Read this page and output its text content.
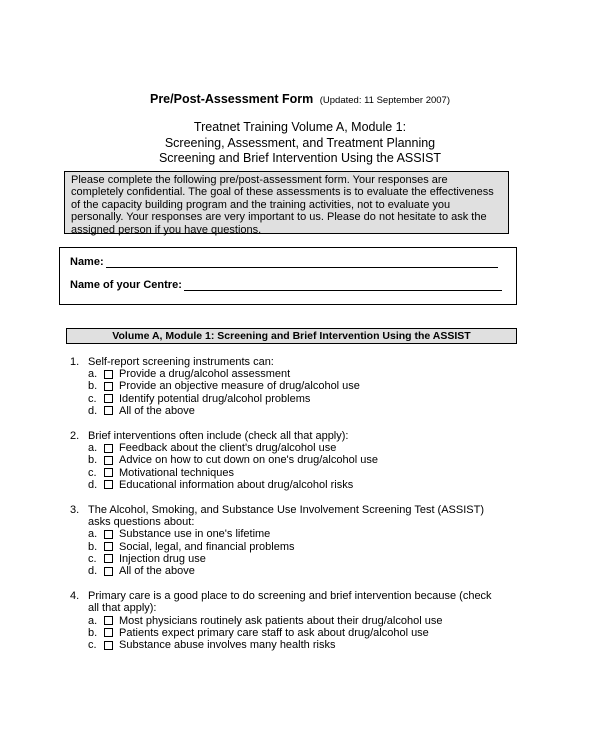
Pre/Post-Assessment Form (Updated: 11 September 2007)
Treatnet Training Volume A, Module 1:
Screening, Assessment, and Treatment Planning
Screening and Brief Intervention Using the ASSIST
Please complete the following pre/post-assessment form. Your responses are
completely confidential. The goal of these assessments is to evaluate the effectiveness
of the capacity building program and the training activities, not to evaluate you
personally. Your responses are very important to us. Please do not hesitate to ask the
assigned person if you have questions.
Name:
Name of your Centre:
Volume A, Module 1: Screening and Brief Intervention Using the ASSIST
1. Self-report screening instruments can:
a.	Provide a drug/alcohol assessment
b.	Provide an objective measure of drug/alcohol use
c.	Identify potential drug/alcohol problems
d.	All of the above
2. Brief interventions often include (check all that apply):
a.	Feedback about the client's drug/alcohol use
b.	Advice on how to cut down on one's drug/alcohol use
c.	Motivational techniques
d.	Educational information about drug/alcohol risks
3. The Alcohol, Smoking, and Substance Use Involvement Screening Test (ASSIST)
asks questions about:
a.	Substance use in one's lifetime
b.	Social, legal, and financial problems
c.	Injection drug use
d.	All of the above
4. Primary care is a good place to do screening and brief intervention because (check
all that apply):
a.	Most physicians routinely ask patients about their drug/alcohol use
b.	Patients expect primary care staff to ask about drug/alcohol use
c.	Substance abuse involves many health risks
